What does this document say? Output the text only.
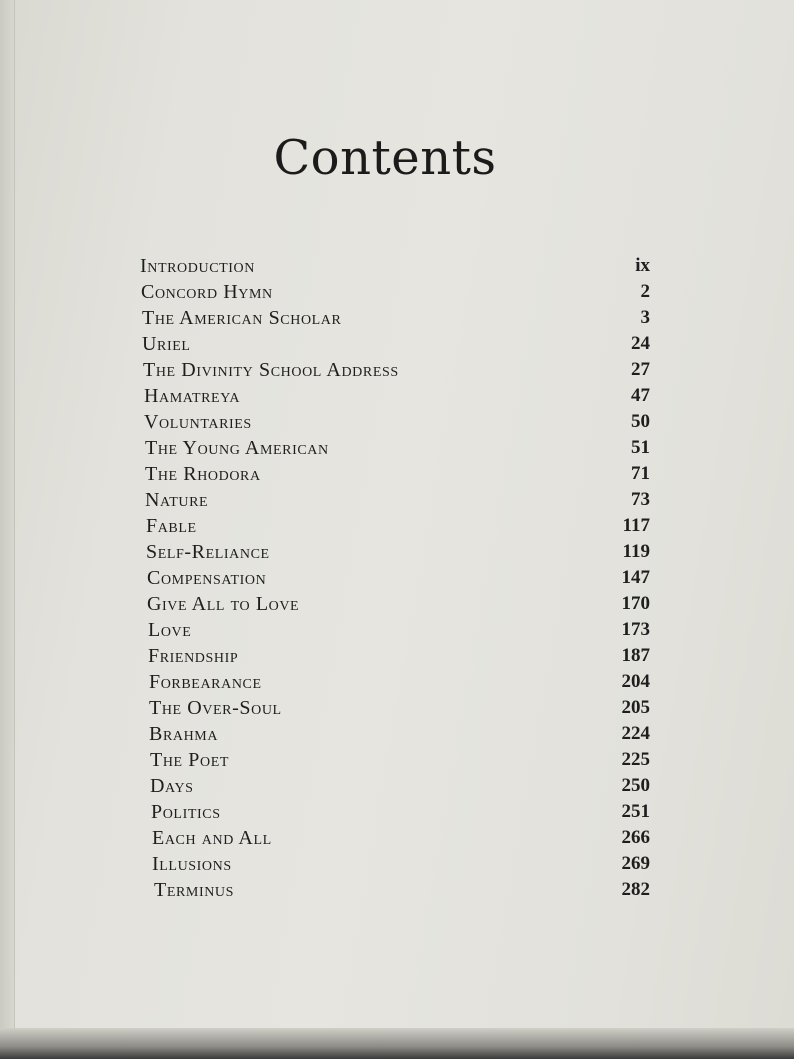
Contents
Introduction	ix
Concord Hymn	2
The American Scholar	3
Uriel	24
The Divinity School Address	27
Hamatreya	47
Voluntaries	50
The Young American	51
The Rhodora	71
Nature	73
Fable	117
Self-Reliance	119
Compensation	147
Give All to Love	170
Love	173
Friendship	187
Forbearance	204
The Over-Soul	205
Brahma	224
The Poet	225
Days	250
Politics	251
Each and All	266
Illusions	269
Terminus	282
